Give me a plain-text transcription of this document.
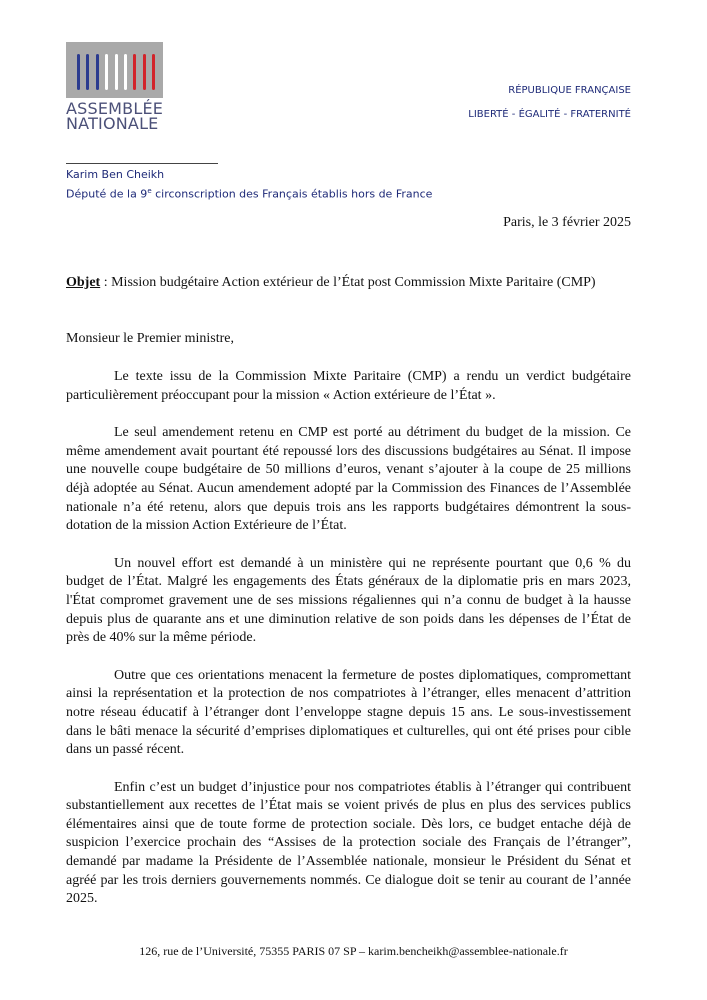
ASSEMBLÉE
NATIONALE
RÉPUBLIQUE FRANÇAISE
LIBERTÉ - ÉGALITÉ - FRATERNITÉ
Karim Ben Cheikh
Député de la 9e circonscription des Français établis hors de France
Paris, le 3 février 2025
Objet : Mission budgétaire Action extérieur de l’État post Commission Mixte Paritaire (CMP)
Monsieur le Premier ministre,

Le texte issu de la Commission Mixte Paritaire (CMP) a rendu un verdict budgétaire particulièrement préoccupant pour la mission « Action extérieure de l’État ».

Le seul amendement retenu en CMP est porté au détriment du budget de la mission. Ce même amendement avait pourtant été repoussé lors des discussions budgétaires au Sénat. Il impose une nouvelle coupe budgétaire de 50 millions d’euros, venant s’ajouter à la coupe de 25 millions déjà adoptée au Sénat. Aucun amendement adopté par la Commission des Finances de l’Assemblée nationale n’a été retenu, alors que depuis trois ans les rapports budgétaires démontrent la sous-dotation de la mission Action Extérieure de l’État.

Un nouvel effort est demandé à un ministère qui ne représente pourtant que 0,6 % du budget de l’État. Malgré les engagements des États généraux de la diplomatie pris en mars 2023, l'État compromet gravement une de ses missions régaliennes qui n’a connu de budget à la hausse depuis plus de quarante ans et une diminution relative de son poids dans les dépenses de l’État de près de 40% sur la même période.

Outre que ces orientations menacent la fermeture de postes diplomatiques, compromettant ainsi la représentation et la protection de nos compatriotes à l’étranger, elles menacent d’attrition notre réseau éducatif à l’étranger dont l’enveloppe stagne depuis 15 ans. Le sous-investissement dans le bâti menace la sécurité d’emprises diplomatiques et culturelles, qui ont été prises pour cible dans un passé récent.

Enfin c’est un budget d’injustice pour nos compatriotes établis à l’étranger qui contribuent substantiellement aux recettes de l’État mais se voient privés de plus en plus des services publics élémentaires ainsi que de toute forme de protection sociale. Dès lors, ce budget entache déjà de suspicion l’exercice prochain des “Assises de la protection sociale des Français de l’étranger”, demandé par madame la Présidente de l’Assemblée nationale, monsieur le Président du Sénat et agréé par les trois derniers gouvernements nommés. Ce dialogue doit se tenir au courant de l’année 2025.

126, rue de l’Université, 75355 PARIS 07 SP – karim.bencheikh@assemblee-nationale.fr
